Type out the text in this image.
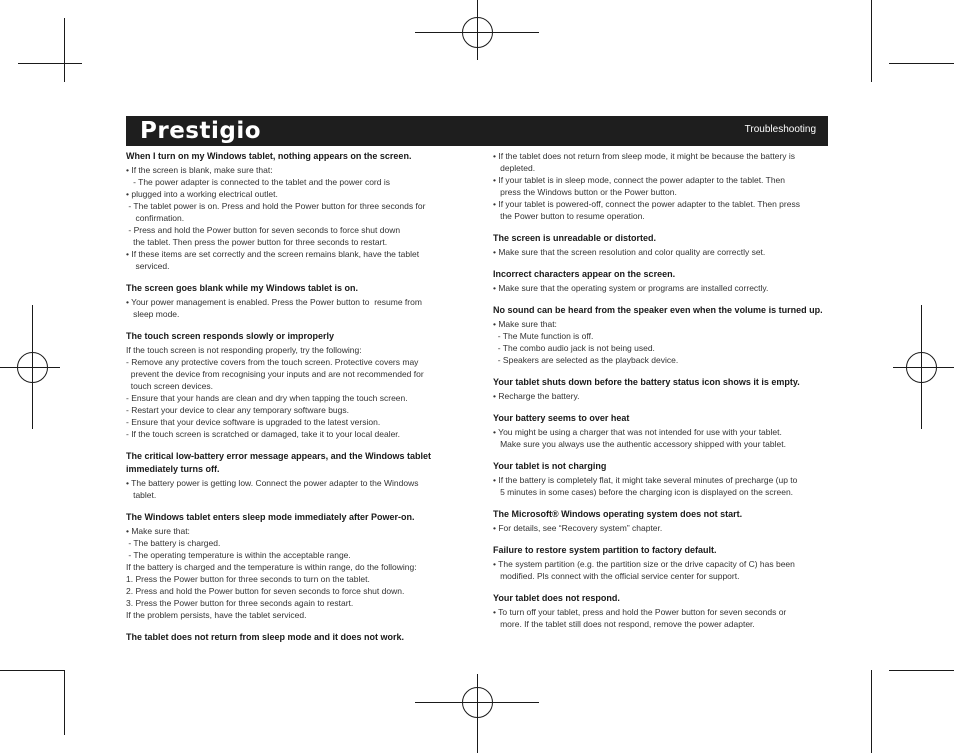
Prestigio	Troubleshooting
When I turn on my Windows tablet, nothing appears on the screen.

• If the screen is blank, make sure that:

- The power adapter is connected to the tablet and the power cord is

• plugged into a working electrical outlet.

- The tablet power is on. Press and hold the Power button for three seconds for

confirmation.

- Press and hold the Power button for seven seconds to force shut down

the tablet. Then press the power button for three seconds to restart.

• If these items are set correctly and the screen remains blank, have the tablet

serviced.

The screen goes blank while my Windows tablet is on.

• Your power management is enabled. Press the Power button to  resume from

sleep mode.

The touch screen responds slowly or improperly

If the touch screen is not responding properly, try the following:

- Remove any protective covers from the touch screen. Protective covers may

prevent the device from recognising your inputs and are not recommended for

touch screen devices.

- Ensure that your hands are clean and dry when tapping the touch screen.

- Restart your device to clear any temporary software bugs.

- Ensure that your device software is upgraded to the latest version.

- If the touch screen is scratched or damaged, take it to your local dealer.

The critical low-battery error message appears, and the Windows tablet immediately turns off.

• The battery power is getting low. Connect the power adapter to the Windows

tablet.

The Windows tablet enters sleep mode immediately after Power-on.

• Make sure that:

- The battery is charged.

- The operating temperature is within the acceptable range.

If the battery is charged and the temperature is within range, do the following:

1. Press the Power button for three seconds to turn on the tablet.

2. Press and hold the Power button for seven seconds to force shut down.

3. Press the Power button for three seconds again to restart.

If the problem persists, have the tablet serviced.

The tablet does not return from sleep mode and it does not work.

• If the tablet does not return from sleep mode, it might be because the battery is

depleted.

• If your tablet is in sleep mode, connect the power adapter to the tablet. Then

press the Windows button or the Power button.

• If your tablet is powered-off, connect the power adapter to the tablet. Then press

the Power button to resume operation.

The screen is unreadable or distorted.

• Make sure that the screen resolution and color quality are correctly set.

Incorrect characters appear on the screen.

• Make sure that the operating system or programs are installed correctly.

No sound can be heard from the speaker even when the volume is turned up.

• Make sure that:

- The Mute function is off.

- The combo audio jack is not being used.

- Speakers are selected as the playback device.

Your tablet shuts down before the battery status icon shows it is empty.

• Recharge the battery.

Your battery seems to over heat

• You might be using a charger that was not intended for use with your tablet.

Make sure you always use the authentic accessory shipped with your tablet.

Your tablet is not charging

• If the battery is completely flat, it might take several minutes of precharge (up to

5 minutes in some cases) before the charging icon is displayed on the screen.

The Microsoft® Windows operating system does not start.

• For details, see “Recovery system” chapter.

Failure to restore system partition to factory default.

• The system partition (e.g. the partition size or the drive capacity of C) has been

modified. Pls connect with the official service center for support.

Your tablet does not respond.

• To turn off your tablet, press and hold the Power button for seven seconds or

more. If the tablet still does not respond, remove the power adapter.
